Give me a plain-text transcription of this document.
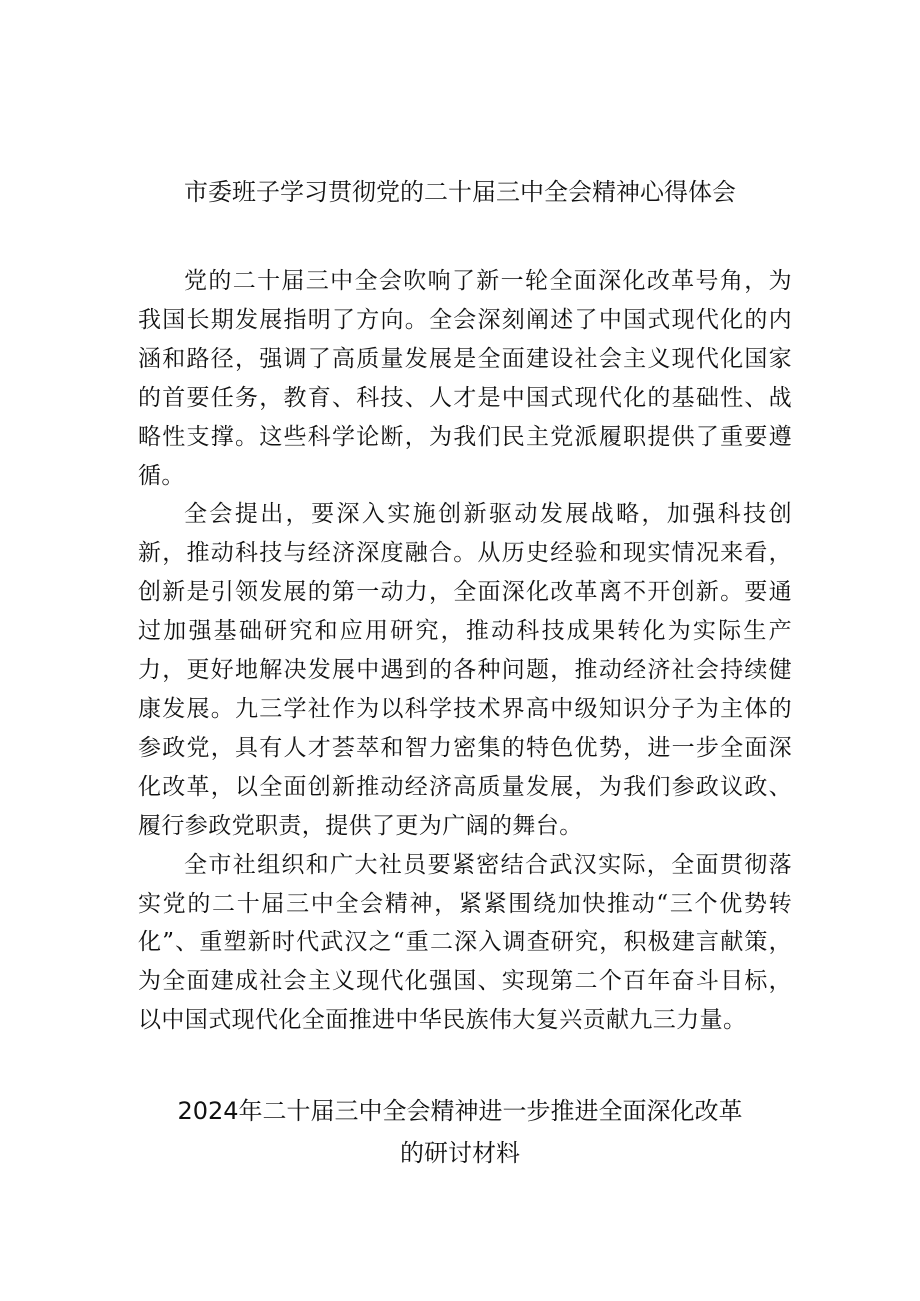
市委班子学习贯彻党的二十届三中全会精神心得体会

党的二十届三中全会吹响了新一轮全面深化改革号角，为我国长期发展指明了方向。全会深刻阐述了中国式现代化的内涵和路径，强调了高质量发展是全面建设社会主义现代化国家的首要任务，教育、科技、人才是中国式现代化的基础性、战略性支撑。这些科学论断，为我们民主党派履职提供了重要遵循。

全会提出，要深入实施创新驱动发展战略，加强科技创新，推动科技与经济深度融合。从历史经验和现实情况来看，创新是引领发展的第一动力，全面深化改革离不开创新。要通过加强基础研究和应用研究，推动科技成果转化为实际生产力，更好地解决发展中遇到的各种问题，推动经济社会持续健康发展。九三学社作为以科学技术界高中级知识分子为主体的参政党，具有人才荟萃和智力密集的特色优势，进一步全面深化改革，以全面创新推动经济高质量发展，为我们参政议政、履行参政党职责，提供了更为广阔的舞台。

全市社组织和广大社员要紧密结合武汉实际，全面贯彻落实党的二十届三中全会精神，紧紧围绕加快推动“三个优势转化”、重塑新时代武汉之“重二深入调查研究，积极建言献策，为全面建成社会主义现代化强国、实现第二个百年奋斗目标，以中国式现代化全面推进中华民族伟大复兴贡献九三力量。

2024年二十届三中全会精神进一步推进全面深化改革
的研讨材料
